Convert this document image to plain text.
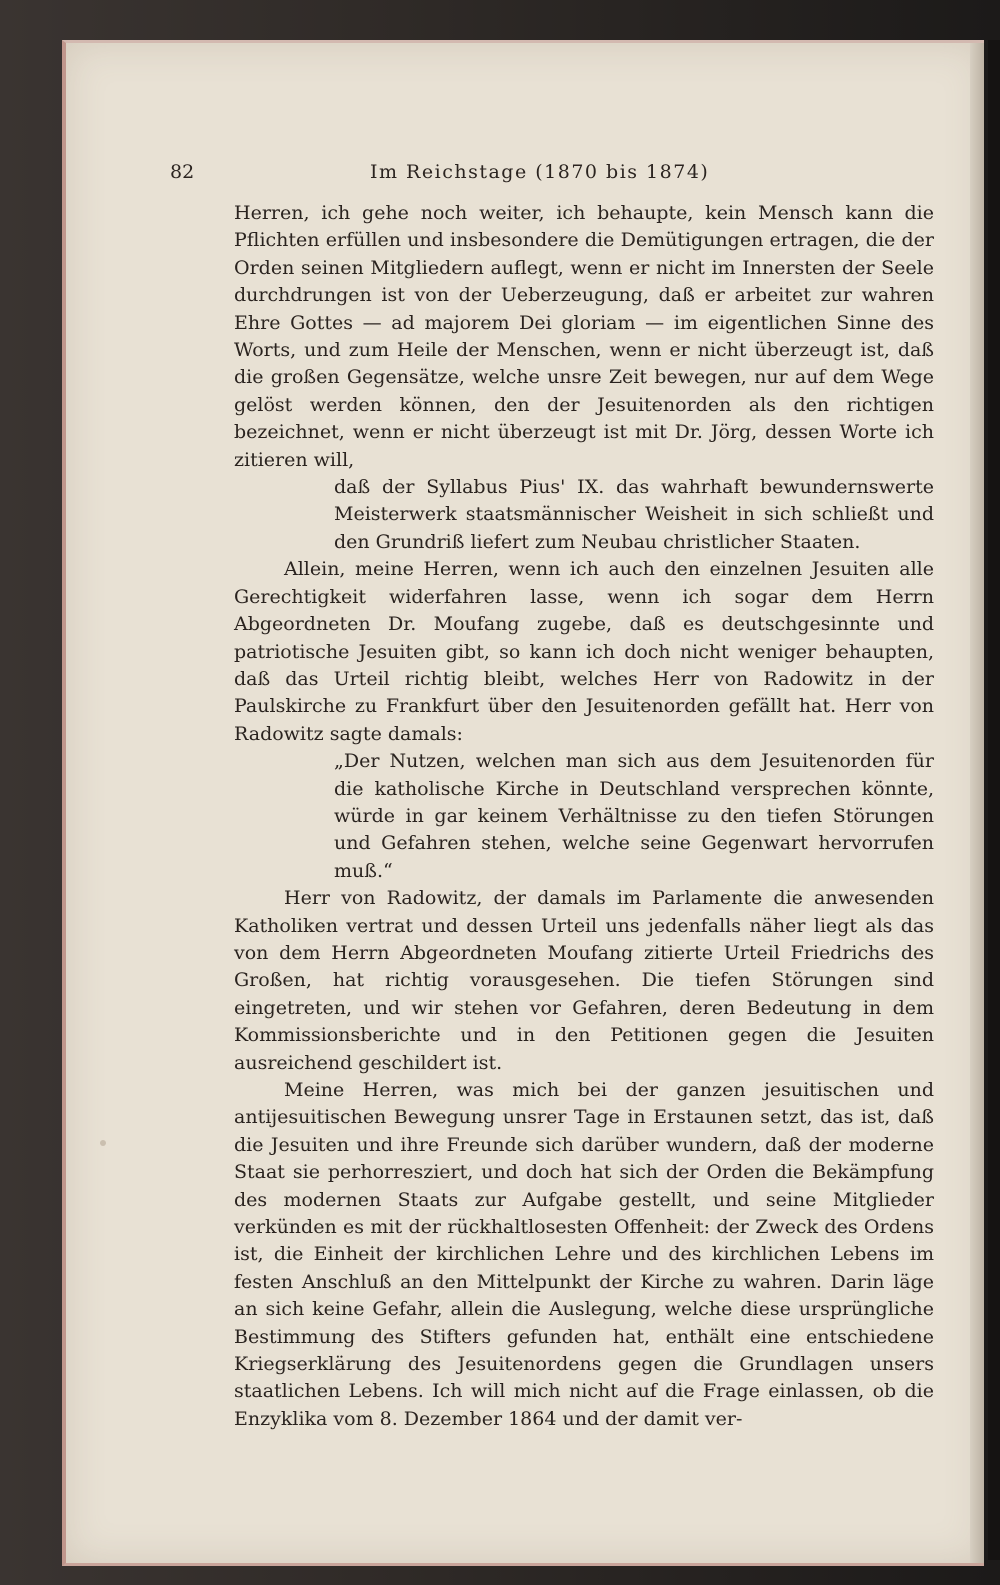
82	Im Reichstage (1870 bis 1874)

Herren, ich gehe noch weiter, ich behaupte, kein Mensch kann die Pflichten erfüllen und insbesondere die Demütigungen ertragen, die der Orden seinen Mitgliedern auflegt, wenn er nicht im Innersten der Seele durchdrungen ist von der Ueberzeugung, daß er arbeitet zur wahren Ehre Gottes — ad majorem Dei gloriam — im eigentlichen Sinne des Worts, und zum Heile der Menschen, wenn er nicht überzeugt ist, daß die großen Gegensätze, welche unsre Zeit bewegen, nur auf dem Wege gelöst werden können, den der Jesuitenorden als den richtigen bezeichnet, wenn er nicht überzeugt ist mit Dr. Jörg, dessen Worte ich zitieren will,

daß der Syllabus Pius' IX. das wahrhaft bewundernswerte Meisterwerk staatsmännischer Weisheit in sich schließt und den Grundriß liefert zum Neubau christlicher Staaten.

Allein, meine Herren, wenn ich auch den einzelnen Jesuiten alle Gerechtigkeit widerfahren lasse, wenn ich sogar dem Herrn Abgeordneten Dr. Moufang zugebe, daß es deutschgesinnte und patriotische Jesuiten gibt, so kann ich doch nicht weniger behaupten, daß das Urteil richtig bleibt, welches Herr von Radowitz in der Paulskirche zu Frankfurt über den Jesuitenorden gefällt hat. Herr von Radowitz sagte damals:

„Der Nutzen, welchen man sich aus dem Jesuitenorden für die katholische Kirche in Deutschland versprechen könnte, würde in gar keinem Verhältnisse zu den tiefen Störungen und Gefahren stehen, welche seine Gegenwart hervorrufen muß.“

Herr von Radowitz, der damals im Parlamente die anwesenden Katholiken vertrat und dessen Urteil uns jedenfalls näher liegt als das von dem Herrn Abgeordneten Moufang zitierte Urteil Friedrichs des Großen, hat richtig vorausgesehen. Die tiefen Störungen sind eingetreten, und wir stehen vor Gefahren, deren Bedeutung in dem Kommissionsberichte und in den Petitionen gegen die Jesuiten ausreichend geschildert ist.

Meine Herren, was mich bei der ganzen jesuitischen und antijesuitischen Bewegung unsrer Tage in Erstaunen setzt, das ist, daß die Jesuiten und ihre Freunde sich darüber wundern, daß der moderne Staat sie perhorresziert, und doch hat sich der Orden die Bekämpfung des modernen Staats zur Aufgabe gestellt, und seine Mitglieder verkünden es mit der rückhaltlosesten Offenheit: der Zweck des Ordens ist, die Einheit der kirchlichen Lehre und des kirchlichen Lebens im festen Anschluß an den Mittelpunkt der Kirche zu wahren. Darin läge an sich keine Gefahr, allein die Auslegung, welche diese ursprüngliche Bestimmung des Stifters gefunden hat, enthält eine entschiedene Kriegserklärung des Jesuitenordens gegen die Grundlagen unsers staatlichen Lebens. Ich will mich nicht auf die Frage einlassen, ob die Enzyklika vom 8. Dezember 1864 und der damit ver-
